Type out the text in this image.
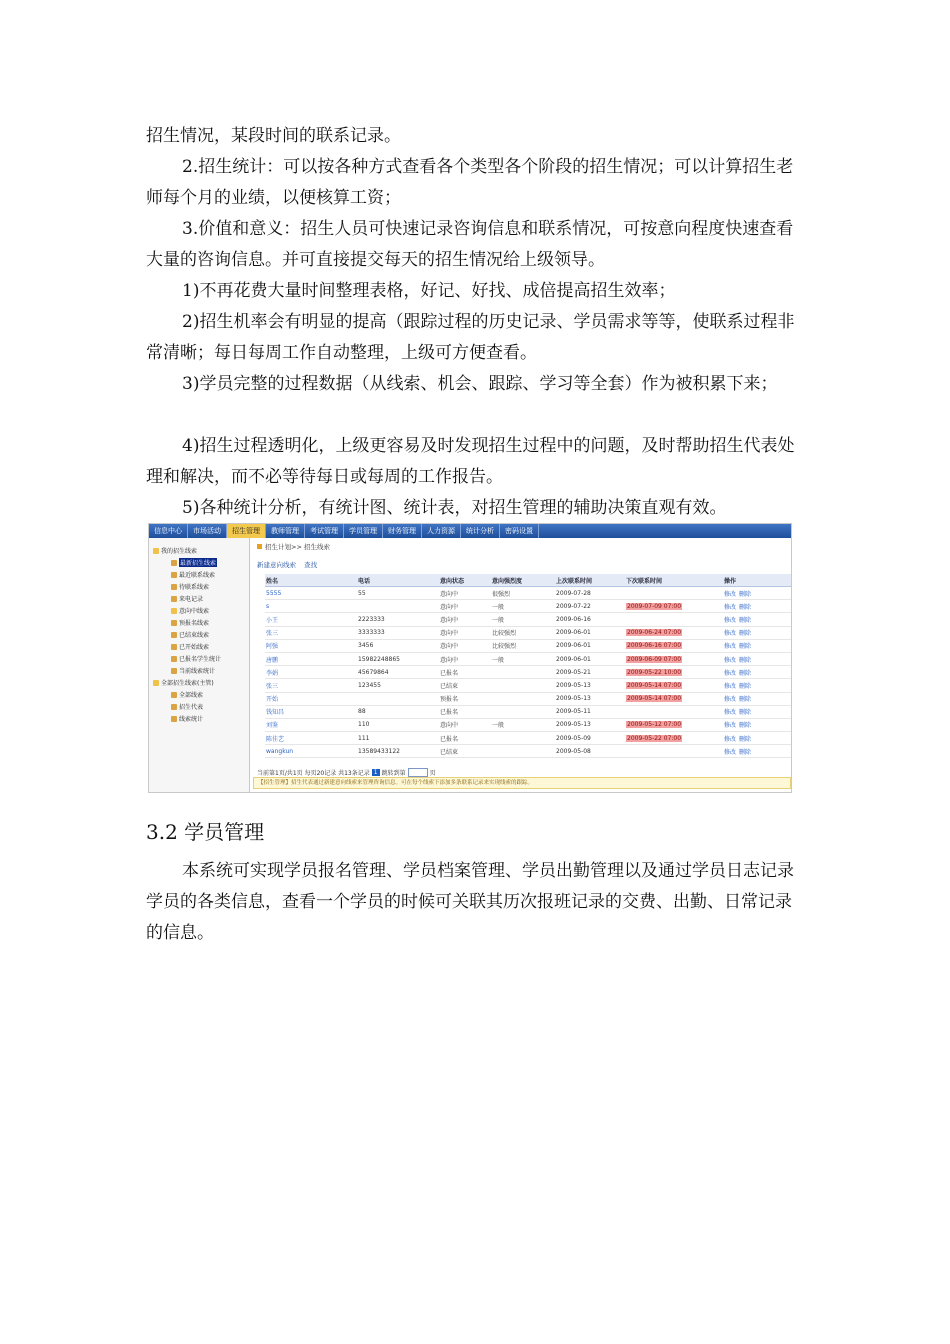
招生情况，某段时间的联系记录。
2.招生统计：可以按各种方式查看各个类型各个阶段的招生情况；可以计算招生老师每个月的业绩，以便核算工资；
3.价值和意义：招生人员可快速记录咨询信息和联系情况，可按意向程度快速查看大量的咨询信息。并可直接提交每天的招生情况给上级领导。
1)不再花费大量时间整理表格，好记、好找、成倍提高招生效率；
2)招生机率会有明显的提高（跟踪过程的历史记录、学员需求等等，使联系过程非常清晰；每日每周工作自动整理，上级可方便查看。
3)学员完整的过程数据（从线索、机会、跟踪、学习等全套）作为被积累下来；
4)招生过程透明化，上级更容易及时发现招生过程中的问题，及时帮助招生代表处理和解决，而不必等待每日或每周的工作报告。
5)各种统计分析，有统计图、统计表，对招生管理的辅助决策直观有效。
信息中心	市场活动	招生管理	教师管理	考试管理	学员管理	财务管理	人力资源	统计分析	密码设置
我的招生线索
最新招生线索
最近联系线索
待联系线索
来电记录
意向中线索
预报名线索
已结束线索
已开始线索
已报名学生统计
当前线索统计
全部招生线索(主管)
全部线索
招生代表
线索统计
招生计划>> 招生线索
新建意向线索 查找
姓名	电话	意向状态	意向强烈度	上次联系时间	下次联系时间	操作
5555	55	意向中	很强烈	2009-07-28		修改 删除
s		意向中	一般	2009-07-22	2009-07-09 07:00	修改 删除
小王	2223333	意向中	一般	2009-06-16		修改 删除
张三	3333333	意向中	比较强烈	2009-06-01	2009-06-24 07:00	修改 删除
阿强	3456	意向中	比较强烈	2009-06-01	2009-06-16 07:00	修改 删除
唐鹏	15982248865	意向中	一般	2009-06-01	2009-06-09 07:00	修改 删除
李娟	45679864	已报名		2009-05-21	2009-05-22 10:00	修改 删除
张三	123455	已结束		2009-05-13	2009-05-14 07:00	修改 删除
开始		预报名		2009-05-13	2009-05-14 07:00	修改 删除
钱知昌	88	已报名		2009-05-11		修改 删除
刘鉴	110	意向中	一般	2009-05-13	2009-05-12 07:00	修改 删除
陈佳艺	111	已报名		2009-05-09	2009-05-22 07:00	修改 删除
wangkun	13589433122	已结束		2009-05-08		修改 删除
当前第1页/共1页 每页20记录 共13条记录 1 跳转到第	页
【招生管理】招生代表通过新建意向线索来管理咨询信息。可在每个线索下添加多条联系记录来实现线索的跟踪。
3.2 学员管理
本系统可实现学员报名管理、学员档案管理、学员出勤管理以及通过学员日志记录学员的各类信息，查看一个学员的时候可关联其历次报班记录的交费、出勤、日常记录的信息。
